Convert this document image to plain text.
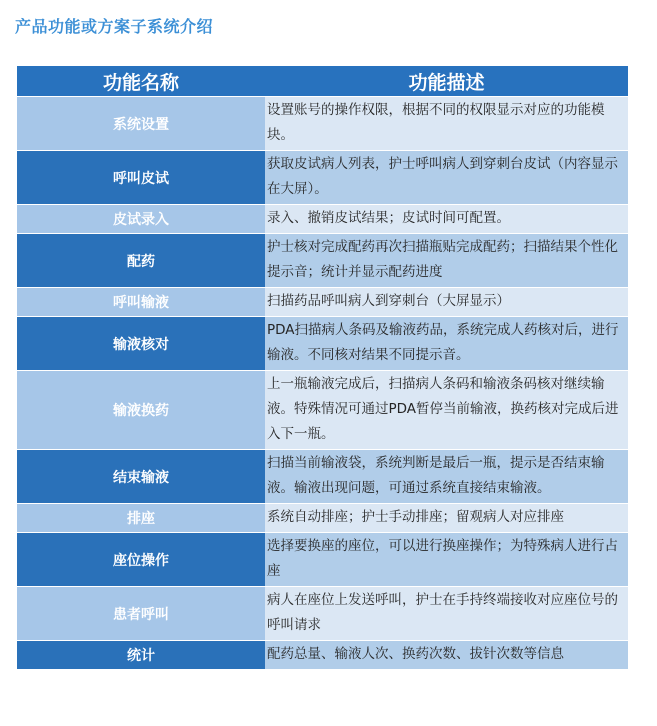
产品功能或方案子系统介绍
功能名称	功能描述
系统设置	设置账号的操作权限，根据不同的权限显示对应的功能模块。
呼叫皮试	获取皮试病人列表，护士呼叫病人到穿刺台皮试（内容显示在大屏）。
皮试录入	录入、撤销皮试结果；皮试时间可配置。
配药	护士核对完成配药再次扫描瓶贴完成配药；扫描结果个性化提示音；统计并显示配药进度
呼叫输液	扫描药品呼叫病人到穿刺台（大屏显示）
输液核对	PDA扫描病人条码及输液药品，系统完成人药核对后，进行输液。不同核对结果不同提示音。
输液换药	上一瓶输液完成后，扫描病人条码和输液条码核对继续输液。特殊情况可通过PDA暂停当前输液，换药核对完成后进入下一瓶。
结束输液	扫描当前输液袋，系统判断是最后一瓶，提示是否结束输液。输液出现问题，可通过系统直接结束输液。
排座	系统自动排座；护士手动排座；留观病人对应排座
座位操作	选择要换座的座位，可以进行换座操作；为特殊病人进行占座
患者呼叫	病人在座位上发送呼叫，护士在手持终端接收对应座位号的呼叫请求
统计	配药总量、输液人次、换药次数、拔针次数等信息
